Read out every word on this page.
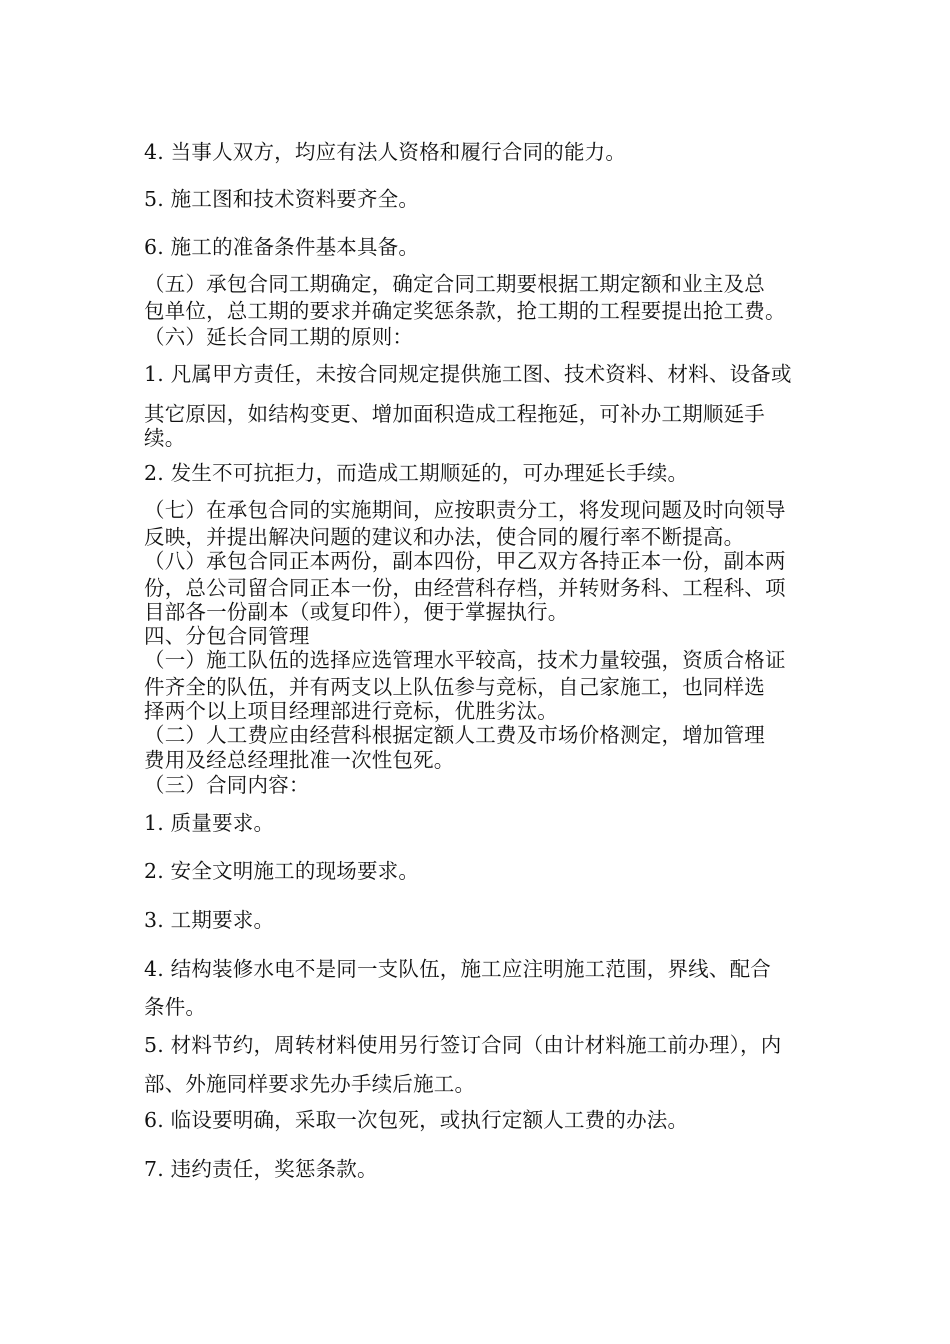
4. 当事人双方，均应有法人资格和履行合同的能力。
5. 施工图和技术资料要齐全。
6. 施工的准备条件基本具备。
（五）承包合同工期确定，确定合同工期要根据工期定额和业主及总
包单位，总工期的要求并确定奖惩条款，抢工期的工程要提出抢工费。
（六）延长合同工期的原则：
1. 凡属甲方责任，未按合同规定提供施工图、技术资料、材料、设备或
其它原因，如结构变更、增加面积造成工程拖延，可补办工期顺延手
续。
2. 发生不可抗拒力，而造成工期顺延的，可办理延长手续。
（七）在承包合同的实施期间，应按职责分工，将发现问题及时向领导
反映，并提出解决问题的建议和办法，使合同的履行率不断提高。
（八）承包合同正本两份，副本四份，甲乙双方各持正本一份，副本两
份，总公司留合同正本一份，由经营科存档，并转财务科、工程科、项
目部各一份副本（或复印件），便于掌握执行。
四、分包合同管理
（一）施工队伍的选择应选管理水平较高，技术力量较强，资质合格证
件齐全的队伍，并有两支以上队伍参与竞标，自己家施工，也同样选
择两个以上项目经理部进行竞标，优胜劣汰。
（二）人工费应由经营科根据定额人工费及市场价格测定，增加管理
费用及经总经理批准一次性包死。
（三）合同内容：
1. 质量要求。
2. 安全文明施工的现场要求。
3. 工期要求。
4. 结构装修水电不是同一支队伍，施工应注明施工范围，界线、配合
条件。
5. 材料节约，周转材料使用另行签订合同（由计材料施工前办理），内
部、外施同样要求先办手续后施工。
6. 临设要明确，采取一次包死，或执行定额人工费的办法。
7. 违约责任，奖惩条款。
